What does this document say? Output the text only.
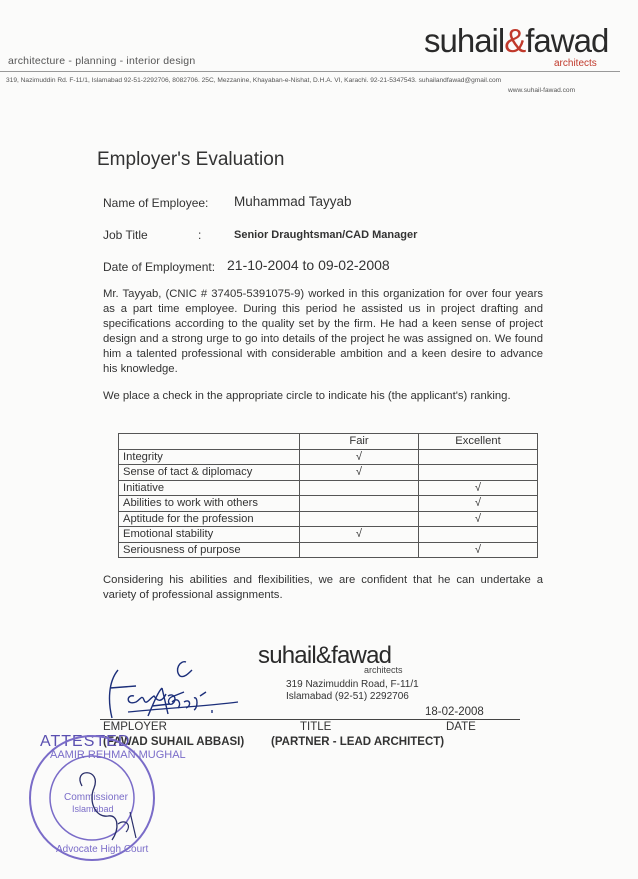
architecture - planning - interior design
suhail&fawad
architects
319, Nazimuddin Rd. F-11/1, Islamabad 92-51-2292706, 8082706. 25C, Mezzanine, Khayaban-e-Nishat, D.H.A. VI, Karachi. 92-21-5347543. suhailandfawad@gmail.com
www.suhail-fawad.com
Employer's Evaluation
Name of Employee: Muhammad Tayyab
Job Title	:	Senior Draughtsman/CAD Manager
Date of Employment: 21-10-2004 to 09-02-2008
Mr. Tayyab, (CNIC # 37405-5391075-9) worked in this organization for over four years as a part time employee. During this period he assisted us in project drafting and specifications according to the quality set by the firm. He had a keen sense of project design and a strong urge to go into details of the project he was assigned on. We found him a talented professional with considerable ambition and a keen desire to advance his knowledge.
We place a check in the appropriate circle to indicate his (the applicant's) ranking.
	Fair	Excellent
Integrity	√	
Sense of tact & diplomacy	√	
Initiative		√
Abilities to work with others		√
Aptitude for the profession		√
Emotional stability	√	
Seriousness of purpose		√
Considering his abilities and flexibilities, we are confident that he can undertake a variety of professional assignments.
suhail&fawad
architects
319 Nazimuddin Road, F-11/1
Islamabad (92-51) 2292706
18-02-2008
EMPLOYER	TITLE	DATE
(FAWAD SUHAIL ABBASI) (PARTNER - LEAD ARCHITECT)
ATTESTED
AAMIR REHMAN MUGHAL
Commissioner
Islamabad
Advocate High Court
